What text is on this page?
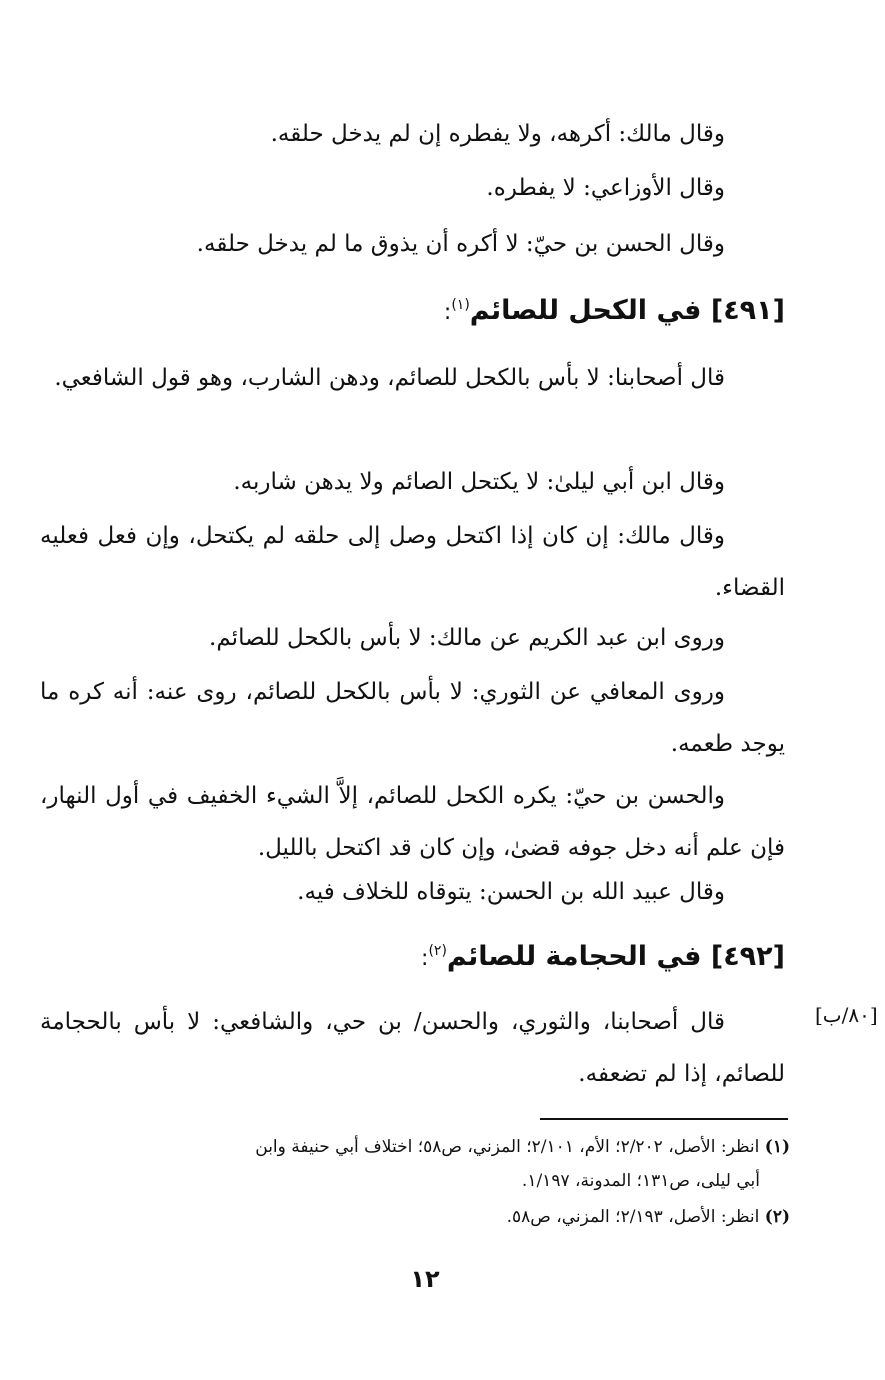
وقال مالك: أكرهه، ولا يفطره إن لم يدخل حلقه.
وقال الأوزاعي: لا يفطره.
وقال الحسن بن حيّ: لا أكره أن يذوق ما لم يدخل حلقه.
[٤٩١] في الكحل للصائم$^{(١)}$:
قال أصحابنا: لا بأس بالكحل للصائم، ودهن الشارب، وهو قول الشافعي.
وقال ابن أبي ليلىٰ: لا يكتحل الصائم ولا يدهن شاربه.
وقال مالك: إن كان إذا اكتحل وصل إلى حلقه لم يكتحل، وإن فعل فعليه القضاء.
وروى ابن عبد الكريم عن مالك: لا بأس بالكحل للصائم.
وروى المعافي عن الثوري: لا بأس بالكحل للصائم، روى عنه: أنه كره ما يوجد طعمه.
والحسن بن حيّ: يكره الكحل للصائم، إلاَّ الشيء الخفيف في أول النهار، فإن علم أنه دخل جوفه قضىٰ، وإن كان قد اكتحل بالليل.
وقال عبيد الله بن الحسن: يتوقاه للخلاف فيه.
[٤٩٢] في الحجامة للصائم$^{(٢)}$:
[٨٠/ب]
قال أصحابنا، والثوري، والحسن/ بن حي، والشافعي: لا بأس بالحجامة للصائم، إذا لم تضعفه.
(١) انظر: الأصل، ٢/٢٠٢؛ الأم، ٢/١٠١؛ المزني، ص٥٨؛ اختلاف أبي حنيفة وابن
أبي ليلى، ص١٣١؛ المدونة، ١/١٩٧.
(٢) انظر: الأصل، ٢/١٩٣؛ المزني، ص٥٨.
١٢
